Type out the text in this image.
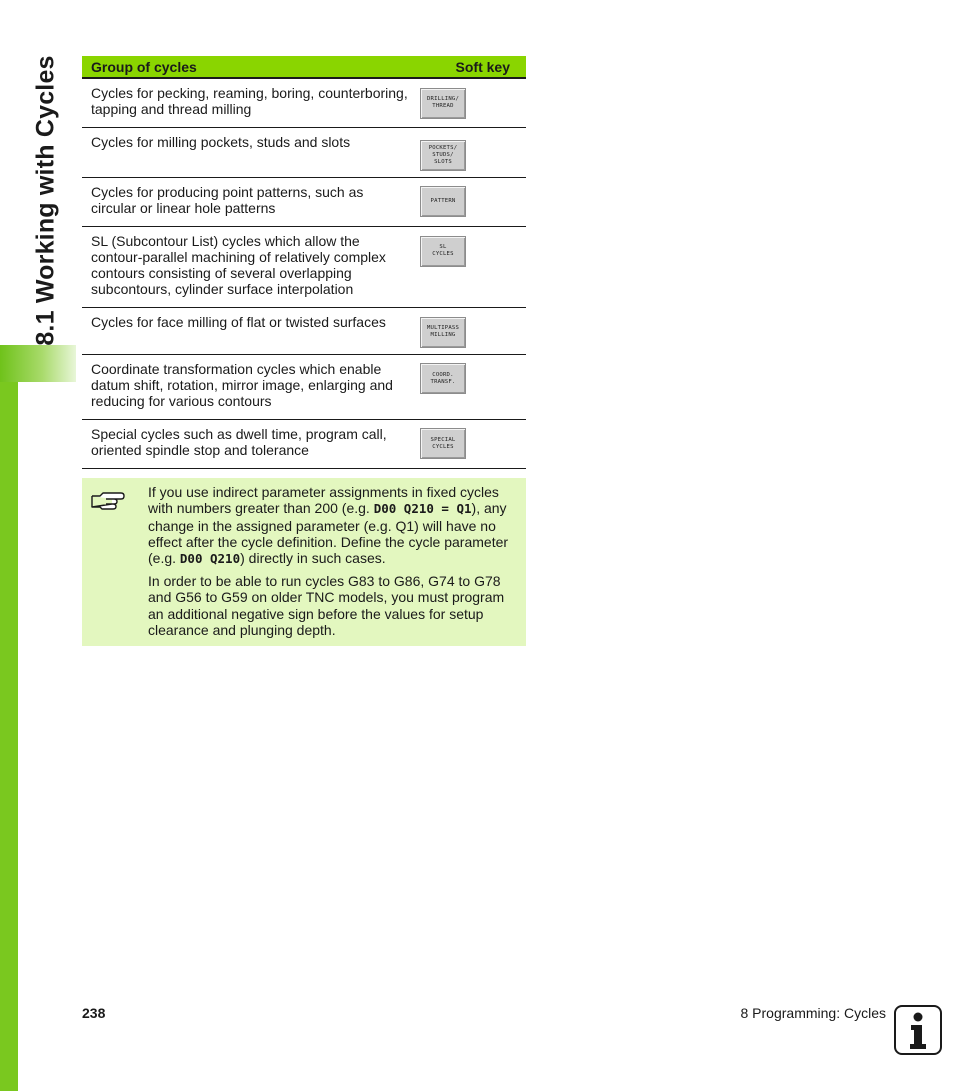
8.1 Working with Cycles Group of cycles	Soft key
Cycles for pecking, reaming, boring, counterboring, tapping and thread milling	DRILLING/
THREAD

Cycles for milling pockets, studs and slots	POCKETS/
STUDS/
SLOTS

Cycles for producing point patterns, such as circular or linear hole patterns	PATTERN

SL (Subcontour List) cycles which allow the contour-parallel machining of relatively complex contours consisting of several overlapping subcontours, cylinder surface interpolation	SL
CYCLES

Cycles for face milling of flat or twisted surfaces	MULTIPASS
MILLING

Coordinate transformation cycles which enable datum shift, rotation, mirror image, enlarging and reducing for various contours	COORD.
TRANSF.

Special cycles such as dwell time, program call, oriented spindle stop and tolerance	SPECIAL
CYCLES

If you use indirect parameter assignments in fixed cycles with numbers greater than 200 (e.g. D00 Q210 = Q1), any change in the assigned parameter (e.g. Q1) will have no effect after the cycle definition. Define the cycle parameter (e.g. D00 Q210) directly in such cases.

In order to be able to run cycles G83 to G86, G74 to G78 and G56 to G59 on older TNC models, you must program an additional negative sign before the values for setup clearance and plunging depth.

238	8 Programming: Cycles
